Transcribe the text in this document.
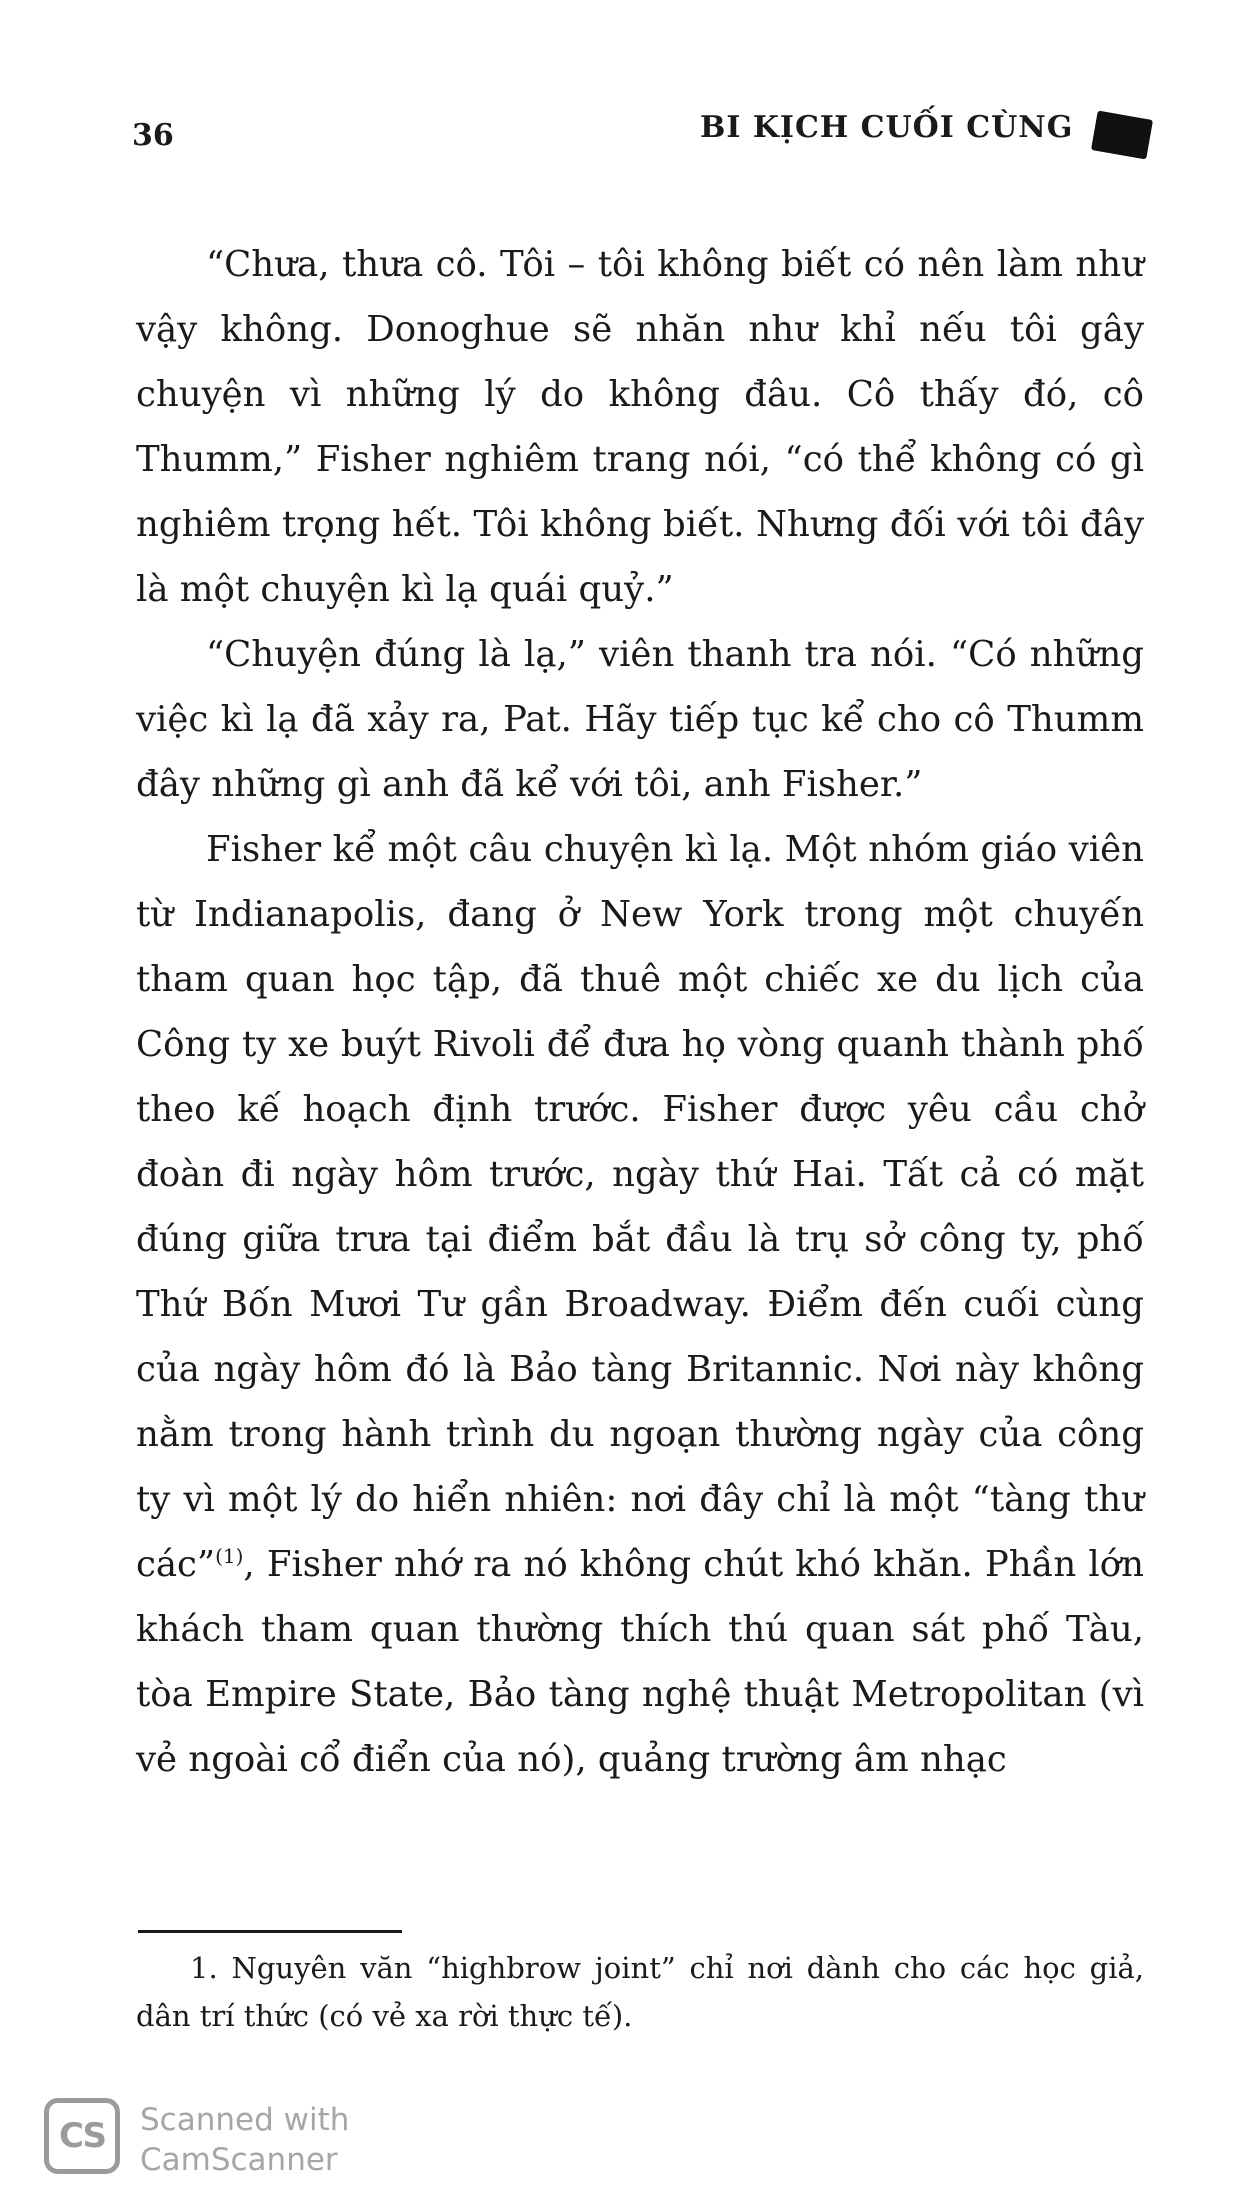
36	BI KỊCH CUỐI CÙNG

“Chưa, thưa cô. Tôi – tôi không biết có nên làm như vậy không. Donoghue sẽ nhăn như khỉ nếu tôi gây chuyện vì những lý do không đâu. Cô thấy đó, cô Thumm,” Fisher nghiêm trang nói, “có thể không có gì nghiêm trọng hết. Tôi không biết. Nhưng đối với tôi đây là một chuyện kì lạ quái quỷ.”

“Chuyện đúng là lạ,” viên thanh tra nói. “Có những việc kì lạ đã xảy ra, Pat. Hãy tiếp tục kể cho cô Thumm đây những gì anh đã kể với tôi, anh Fisher.”

Fisher kể một câu chuyện kì lạ. Một nhóm giáo viên từ Indianapolis, đang ở New York trong một chuyến tham quan học tập, đã thuê một chiếc xe du lịch của Công ty xe buýt Rivoli để đưa họ vòng quanh thành phố theo kế hoạch định trước. Fisher được yêu cầu chở đoàn đi ngày hôm trước, ngày thứ Hai. Tất cả có mặt đúng giữa trưa tại điểm bắt đầu là trụ sở công ty, phố Thứ Bốn Mươi Tư gần Broadway. Điểm đến cuối cùng của ngày hôm đó là Bảo tàng Britannic. Nơi này không nằm trong hành trình du ngoạn thường ngày của công ty vì một lý do hiển nhiên: nơi đây chỉ là một “tàng thư các”$^{(1)}$, Fisher nhớ ra nó không chút khó khăn. Phần lớn khách tham quan thường thích thú quan sát phố Tàu, tòa Empire State, Bảo tàng nghệ thuật Metropolitan (vì vẻ ngoài cổ điển của nó), quảng trường âm nhạc

1. Nguyên văn “highbrow joint” chỉ nơi dành cho các học giả, dân trí thức (có vẻ xa rời thực tế).

CS Scanned with
CamScanner
